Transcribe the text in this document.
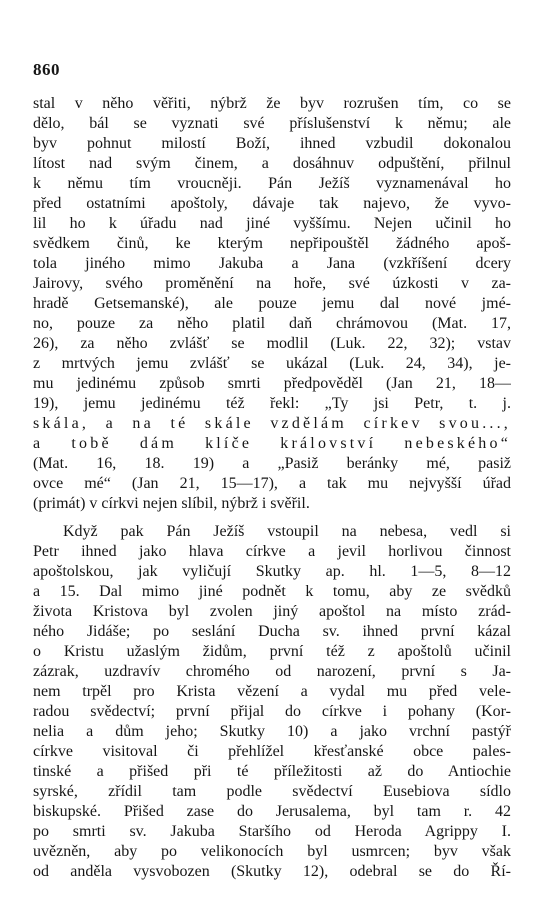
860
stal v něho věřiti, nýbrž že byv rozrušen tím, co se
dělo, bál se vyznati své příslušenství k němu; ale
byv pohnut milostí Boží, ihned vzbudil dokonalou
lítost nad svým činem, a dosáhnuv odpuštění, přilnul
k němu tím vroucněji. Pán Ježíš vyznamenával ho
před ostatními apoštoly, dávaje tak najevo, že vyvo-
lil ho k úřadu nad jiné vyššímu. Nejen učinil ho
svědkem činů, ke kterým nepřipouštěl žádného apoš-
tola jiného mimo Jakuba a Jana (vzkříšení dcery
Jairovy, svého proměnění na hoře, své úzkosti v za-
hradě Getsemanské), ale pouze jemu dal nové jmé-
no, pouze za něho platil daň chrámovou (Mat. 17,
26), za něho zvlášť se modlil (Luk. 22, 32); vstav
z mrtvých jemu zvlášť se ukázal (Luk. 24, 34), je-
mu jedinému způsob smrti předpověděl (Jan 21, 18—
19), jemu jedinému též řekl: „Ty jsi Petr, t. j.
skála, a na té skále vzdělám církev svou...,
a tobě dám klíče království nebeského“
(Mat. 16, 18. 19) a „Pasiž beránky mé, pasiž
ovce mé“ (Jan 21, 15—17), a tak mu nejvyšší úřad
(primát) v církvi nejen slíbil, nýbrž i svěřil.
Když pak Pán Ježíš vstoupil na nebesa, vedl si
Petr ihned jako hlava církve a jevil horlivou činnost
apoštolskou, jak vyličují Skutky ap. hl. 1—5, 8—12
a 15. Dal mimo jiné podnět k tomu, aby ze svědků
života Kristova byl zvolen jiný apoštol na místo zrád-
ného Jidáše; po seslání Ducha sv. ihned první kázal
o Kristu užaslým židům, první též z apoštolů učinil
zázrak, uzdravív chromého od narození, první s Ja-
nem trpěl pro Krista vězení a vydal mu před vele-
radou svědectví; první přijal do církve i pohany (Kor-
nelia a dům jeho; Skutky 10) a jako vrchní pastýř
církve visitoval či přehlížel křesťanské obce pales-
tinské a přišed při té příležitosti až do Antiochie
syrské, zřídil tam podle svědectví Eusebiova sídlo
biskupské. Přišed zase do Jerusalema, byl tam r. 42
po smrti sv. Jakuba Staršího od Heroda Agrippy I.
uvězněn, aby po velikonocích byl usmrcen; byv však
od anděla vysvobozen (Skutky 12), odebral se do Ří-
